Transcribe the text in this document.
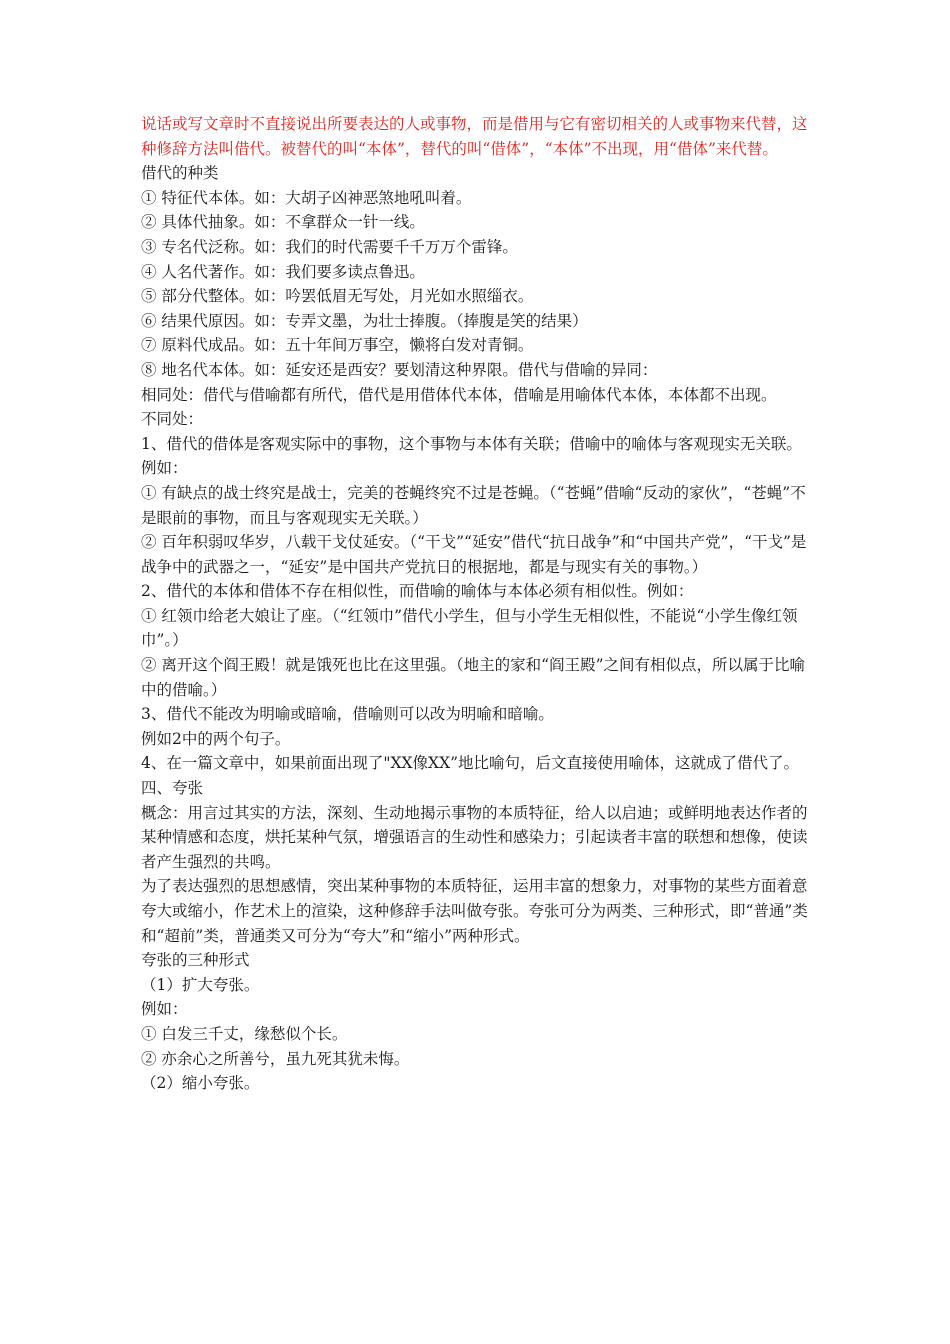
说话或写文章时不直接说出所要表达的人或事物，而是借用与它有密切相关的人或事物来代替，这种修辞方法叫借代。被替代的叫“本体”，替代的叫“借体”，“本体”不出现，用“借体”来代替。

借代的种类

① 特征代本体。如：大胡子凶神恶煞地吼叫着。

② 具体代抽象。如：不拿群众一针一线。

③ 专名代泛称。如：我们的时代需要千千万万个雷锋。

④ 人名代著作。如：我们要多读点鲁迅。

⑤ 部分代整体。如：吟罢低眉无写处，月光如水照缁衣。

⑥ 结果代原因。如：专弄文墨，为壮士捧腹。（捧腹是笑的结果）

⑦ 原料代成品。如：五十年间万事空，懒将白发对青铜。

⑧ 地名代本体。如：延安还是西安？要划清这种界限。借代与借喻的异同：

相同处：借代与借喻都有所代，借代是用借体代本体，借喻是用喻体代本体，本体都不出现。

不同处：

1、借代的借体是客观实际中的事物，这个事物与本体有关联；借喻中的喻体与客观现实无关联。例如：

① 有缺点的战士终究是战士，完美的苍蝇终究不过是苍蝇。（“苍蝇”借喻“反动的家伙”，“苍蝇”不是眼前的事物，而且与客观现实无关联。）

② 百年积弱叹华岁，八载干戈仗延安。（“干戈”“延安”借代“抗日战争”和“中国共产党”，“干戈”是战争中的武器之一，“延安”是中国共产党抗日的根据地，都是与现实有关的事物。）

2、借代的本体和借体不存在相似性，而借喻的喻体与本体必须有相似性。例如：

① 红领巾给老大娘让了座。（“红领巾”借代小学生，但与小学生无相似性，不能说“小学生像红领巾”。）

② 离开这个阎王殿！就是饿死也比在这里强。（地主的家和“阎王殿”之间有相似点，所以属于比喻中的借喻。）

3、借代不能改为明喻或暗喻，借喻则可以改为明喻和暗喻。

例如2中的两个句子。

4、在一篇文章中，如果前面出现了"XX像XX”地比喻句，后文直接使用喻体，这就成了借代了。

四、夸张

概念：用言过其实的方法，深刻、生动地揭示事物的本质特征，给人以启迪；或鲜明地表达作者的某种情感和态度，烘托某种气氛，增强语言的生动性和感染力；引起读者丰富的联想和想像，使读者产生强烈的共鸣。

为了表达强烈的思想感情，突出某种事物的本质特征，运用丰富的想象力，对事物的某些方面着意夸大或缩小，作艺术上的渲染，这种修辞手法叫做夸张。夸张可分为两类、三种形式，即“普通”类和“超前”类，普通类又可分为“夸大”和“缩小”两种形式。

夸张的三种形式

（1）扩大夸张。

例如：

① 白发三千丈，缘愁似个长。

② 亦余心之所善兮，虽九死其犹未悔。

（2）缩小夸张。
